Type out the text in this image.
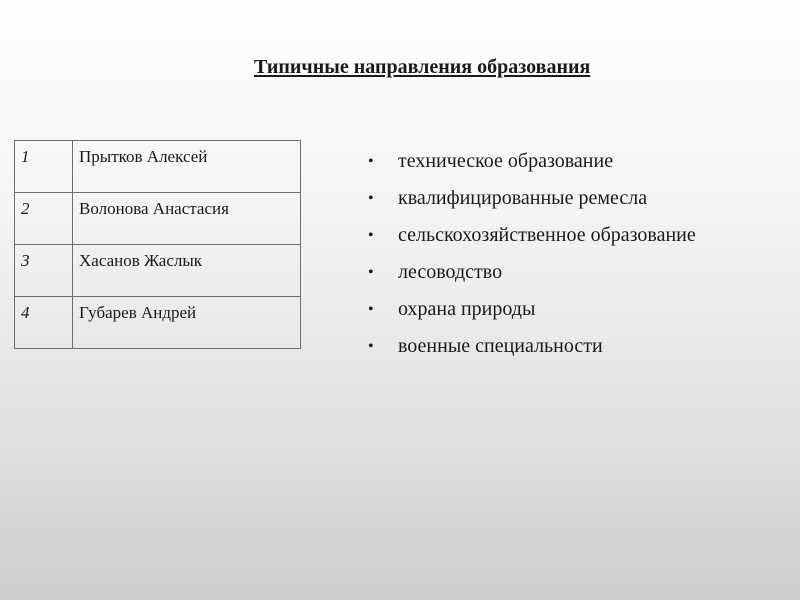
Типичные направления образования
1	Прытков Алексей
2	Волонова Анастасия
3	Хасанов Жаслык
4	Губарев Андрей
• техническое образование
• квалифицированные ремесла
• сельскохозяйственное образование
• лесоводство
• охрана природы
• военные специальности
